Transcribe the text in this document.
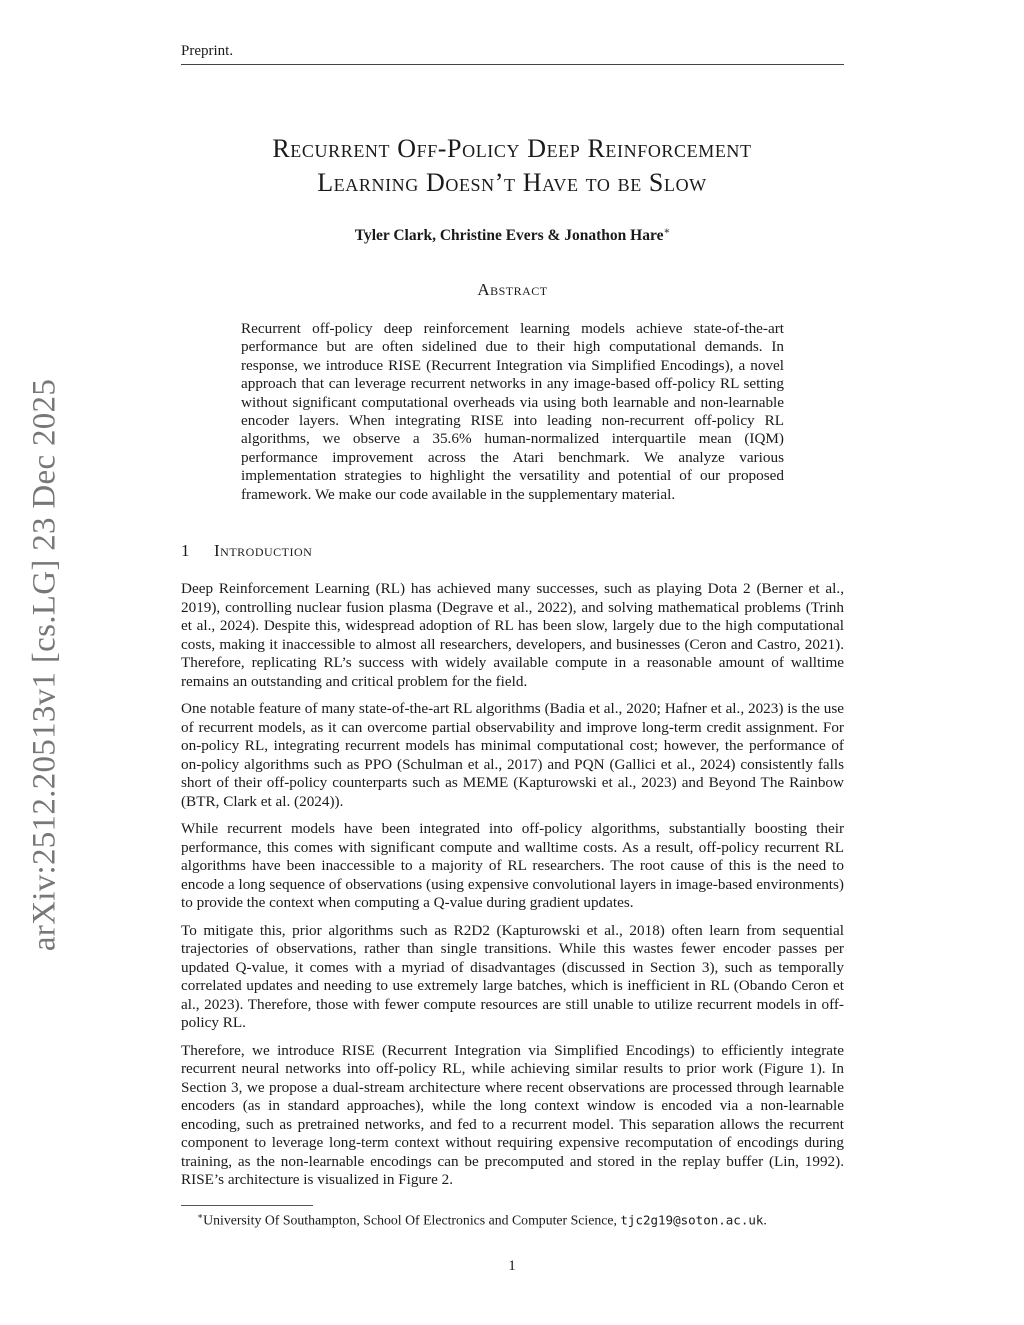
Preprint.
arXiv:2512.20513v1 [cs.LG] 23 Dec 2025
Recurrent Off-Policy Deep Reinforcement
Learning Doesn’t Have to be Slow
Tyler Clark, Christine Evers & Jonathon Hare∗
Abstract
Recurrent off-policy deep reinforcement learning models achieve state-of-the-art performance but are often sidelined due to their high computational demands. In response, we introduce RISE (Recurrent Integration via Simplified Encodings), a novel approach that can leverage recurrent networks in any image-based off-policy RL setting without significant computational overheads via using both learnable and non-learnable encoder layers. When integrating RISE into leading non-recurrent off-policy RL algorithms, we observe a 35.6% human-normalized interquartile mean (IQM) performance improvement across the Atari benchmark. We analyze various implementation strategies to highlight the versatility and potential of our proposed framework. We make our code available in the supplementary material.
1 Introduction

Deep Reinforcement Learning (RL) has achieved many successes, such as playing Dota 2 (Berner et al., 2019), controlling nuclear fusion plasma (Degrave et al., 2022), and solving mathematical problems (Trinh et al., 2024). Despite this, widespread adoption of RL has been slow, largely due to the high computational costs, making it inaccessible to almost all researchers, developers, and businesses (Ceron and Castro, 2021). Therefore, replicating RL’s success with widely available compute in a reasonable amount of walltime remains an outstanding and critical problem for the field.

One notable feature of many state-of-the-art RL algorithms (Badia et al., 2020; Hafner et al., 2023) is the use of recurrent models, as it can overcome partial observability and improve long-term credit assignment. For on-policy RL, integrating recurrent models has minimal computational cost; however, the performance of on-policy algorithms such as PPO (Schulman et al., 2017) and PQN (Gallici et al., 2024) consistently falls short of their off-policy counterparts such as MEME (Kapturowski et al., 2023) and Beyond The Rainbow (BTR, Clark et al. (2024)).

While recurrent models have been integrated into off-policy algorithms, substantially boosting their performance, this comes with significant compute and walltime costs. As a result, off-policy recurrent RL algorithms have been inaccessible to a majority of RL researchers. The root cause of this is the need to encode a long sequence of observations (using expensive convolutional layers in image-based environments) to provide the context when computing a Q-value during gradient updates.

To mitigate this, prior algorithms such as R2D2 (Kapturowski et al., 2018) often learn from sequential trajectories of observations, rather than single transitions. While this wastes fewer encoder passes per updated Q-value, it comes with a myriad of disadvantages (discussed in Section 3), such as temporally correlated updates and needing to use extremely large batches, which is inefficient in RL (Obando Ceron et al., 2023). Therefore, those with fewer compute resources are still unable to utilize recurrent models in off-policy RL.

Therefore, we introduce RISE (Recurrent Integration via Simplified Encodings) to efficiently integrate recurrent neural networks into off-policy RL, while achieving similar results to prior work (Figure 1). In Section 3, we propose a dual-stream architecture where recent observations are processed through learnable encoders (as in standard approaches), while the long context window is encoded via a non-learnable encoding, such as pretrained networks, and fed to a recurrent model. This separation allows the recurrent component to leverage long-term context without requiring expensive recomputation of encodings during training, as the non-learnable encodings can be precomputed and stored in the replay buffer (Lin, 1992). RISE’s architecture is visualized in Figure 2.

∗University Of Southampton, School Of Electronics and Computer Science, tjc2g19@soton.ac.uk.
1
